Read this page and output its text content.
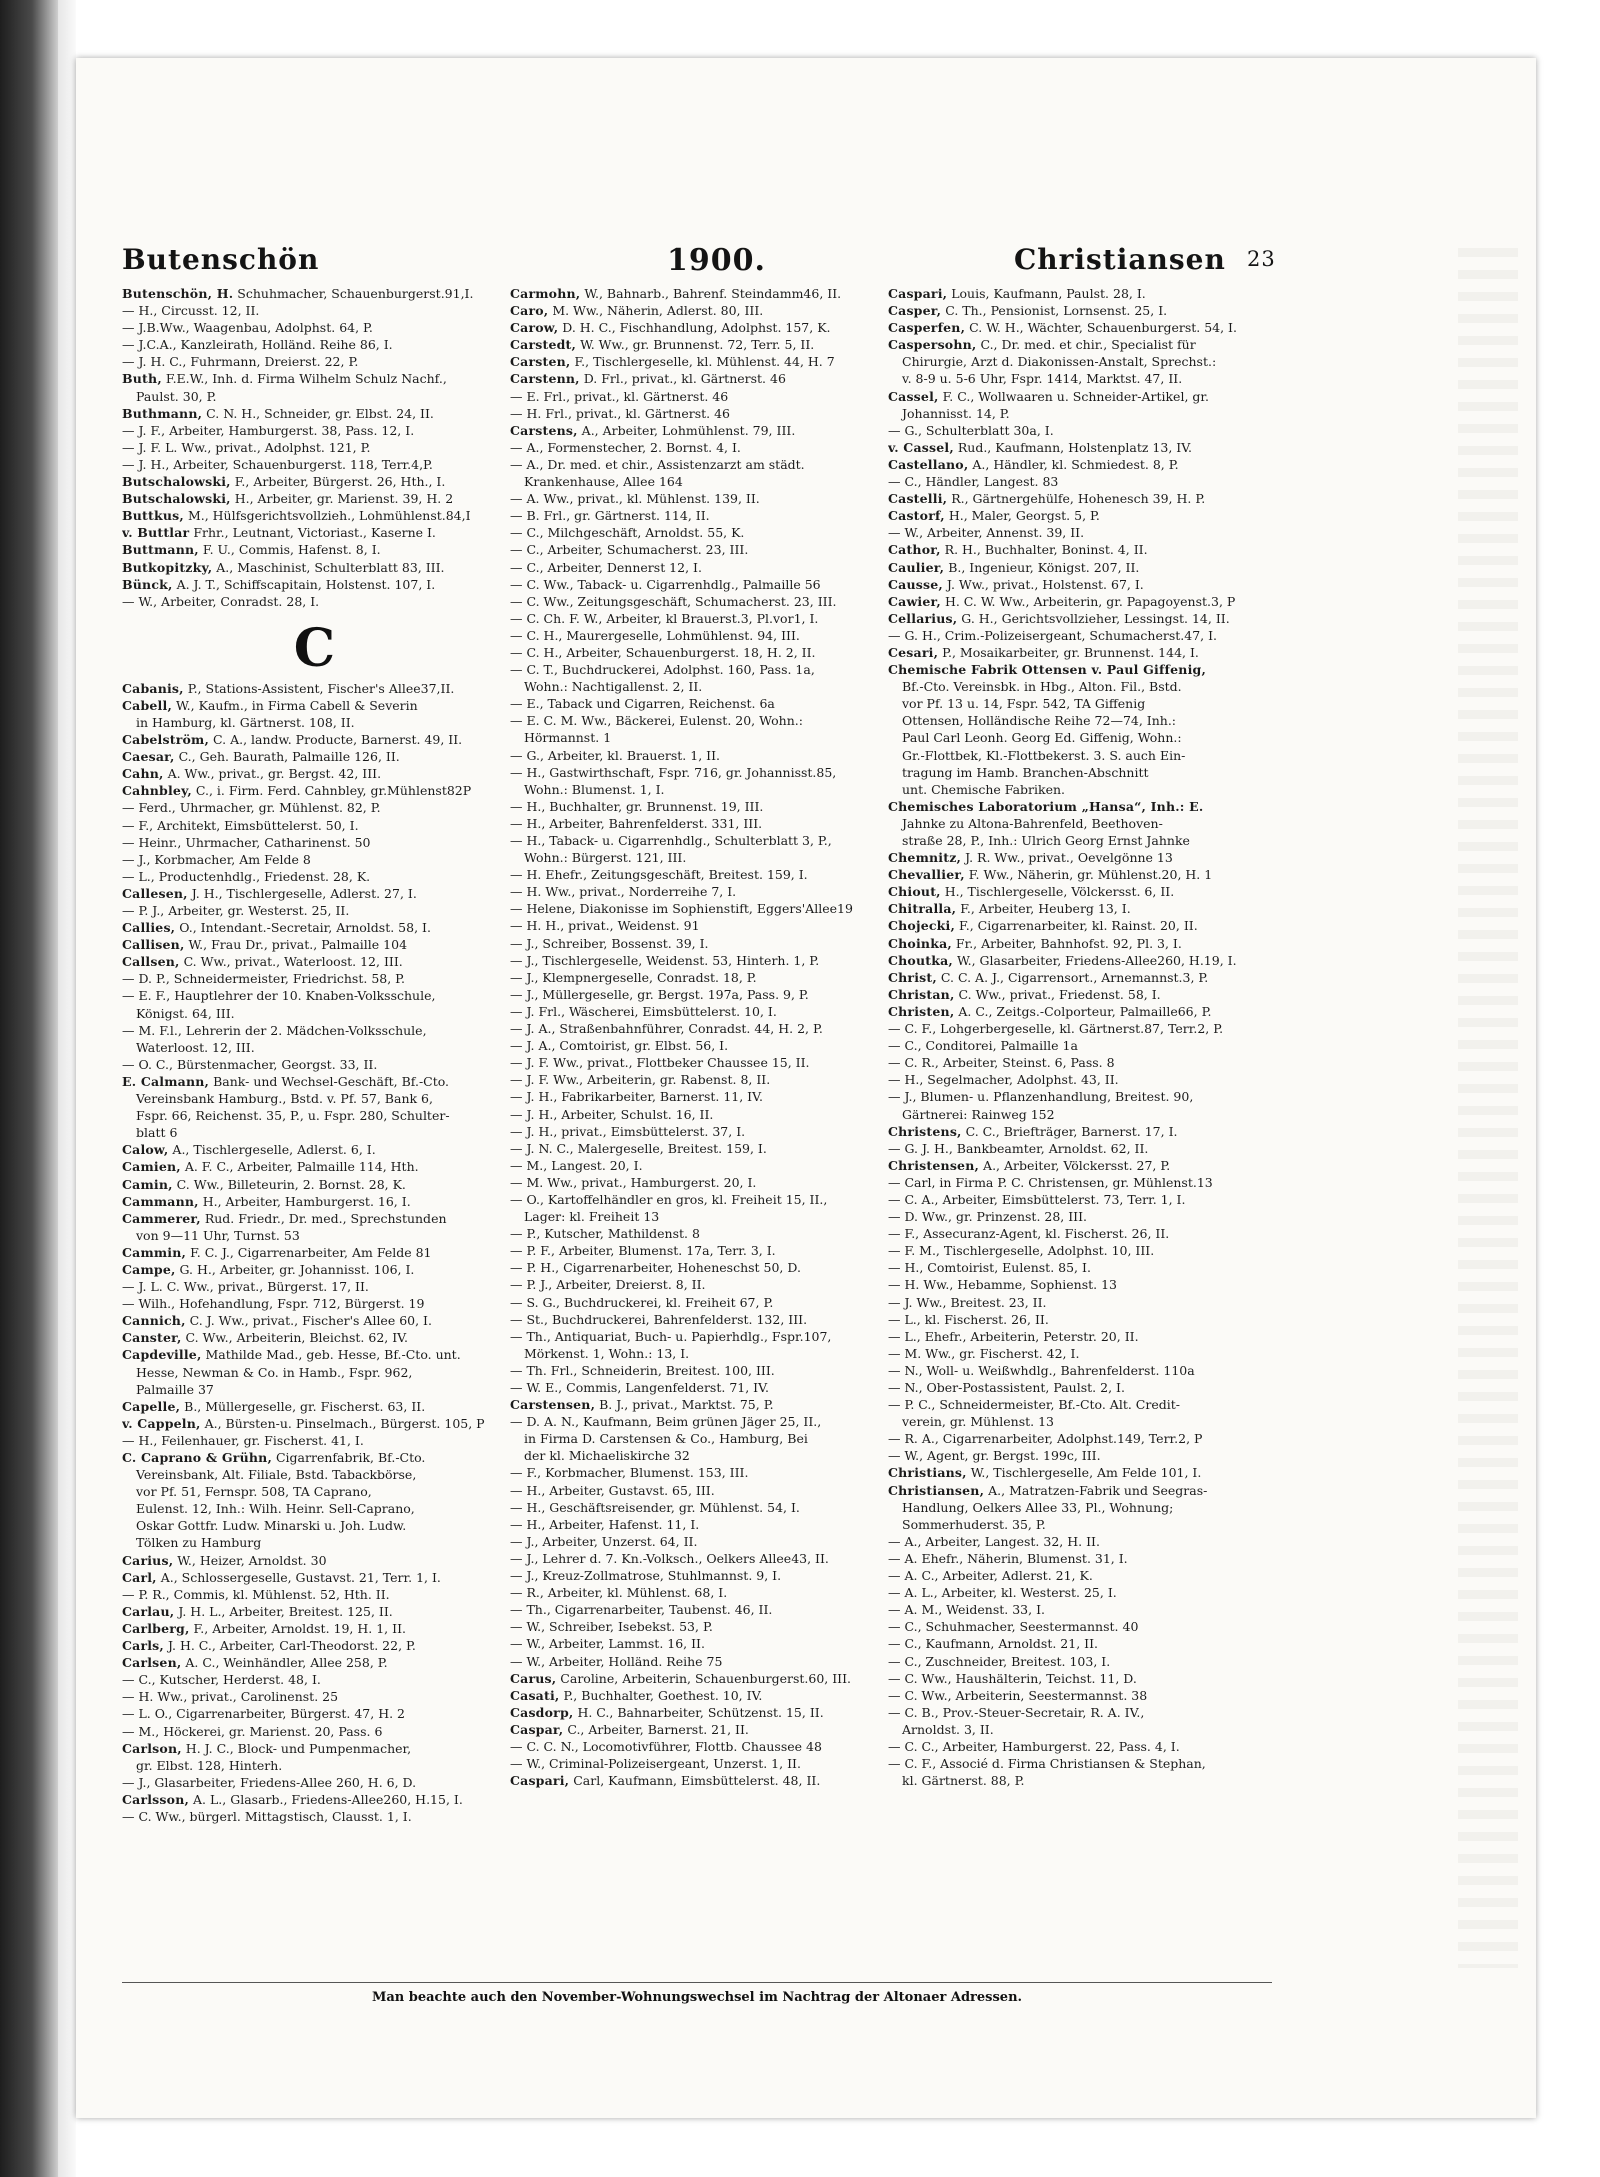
Butenschön	1900.	Christiansen 23
Butenschön, H. Schuhmacher, Schauenburgerst.91,I.
— H., Circusst. 12, II.
— J.B.Ww., Waagenbau, Adolphst. 64, P.
— J.C.A., Kanzleirath, Holländ. Reihe 86, I.
— J. H. C., Fuhrmann, Dreierst. 22, P.
Buth, F.E.W., Inh. d. Firma Wilhelm Schulz Nachf.,
Paulst. 30, P.
Buthmann, C. N. H., Schneider, gr. Elbst. 24, II.
— J. F., Arbeiter, Hamburgerst. 38, Pass. 12, I.
— J. F. L. Ww., privat., Adolphst. 121, P.
— J. H., Arbeiter, Schauenburgerst. 118, Terr.4,P.
Butschalowski, F., Arbeiter, Bürgerst. 26, Hth., I.
Butschalowski, H., Arbeiter, gr. Marienst. 39, H. 2
Buttkus, M., Hülfsgerichtsvollzieh., Lohmühlenst.84,I
v. Buttlar Frhr., Leutnant, Victoriast., Kaserne I.
Buttmann, F. U., Commis, Hafenst. 8, I.
Butkopitzky, A., Maschinist, Schulterblatt 83, III.
Bünck, A. J. T., Schiffscapitain, Holstenst. 107, I.
— W., Arbeiter, Conradst. 28, I.
C
Cabanis, P., Stations-Assistent, Fischer's Allee37,II.
Cabell, W., Kaufm., in Firma Cabell & Severin
in Hamburg, kl. Gärtnerst. 108, II.
Cabelström, C. A., landw. Producte, Barnerst. 49, II.
Caesar, C., Geh. Baurath, Palmaille 126, II.
Cahn, A. Ww., privat., gr. Bergst. 42, III.
Cahnbley, C., i. Firm. Ferd. Cahnbley, gr.Mühlenst82P
— Ferd., Uhrmacher, gr. Mühlenst. 82, P.
— F., Architekt, Eimsbüttelerst. 50, I.
— Heinr., Uhrmacher, Catharinenst. 50
— J., Korbmacher, Am Felde 8
— L., Productenhdlg., Friedenst. 28, K.
Callesen, J. H., Tischlergeselle, Adlerst. 27, I.
— P. J., Arbeiter, gr. Westerst. 25, II.
Callies, O., Intendant.-Secretair, Arnoldst. 58, I.
Callisen, W., Frau Dr., privat., Palmaille 104
Callsen, C. Ww., privat., Waterloost. 12, III.
— D. P., Schneidermeister, Friedrichst. 58, P.
— E. F., Hauptlehrer der 10. Knaben-Volksschule,
Königst. 64, III.
— M. F.l., Lehrerin der 2. Mädchen-Volksschule,
Waterloost. 12, III.
— O. C., Bürstenmacher, Georgst. 33, II.
E. Calmann, Bank- und Wechsel-Geschäft, Bf.-Cto.
Vereinsbank Hamburg., Bstd. v. Pf. 57, Bank 6,
Fspr. 66, Reichenst. 35, P., u. Fspr. 280, Schulter-
blatt 6
Calow, A., Tischlergeselle, Adlerst. 6, I.
Camien, A. F. C., Arbeiter, Palmaille 114, Hth.
Camin, C. Ww., Billeteurin, 2. Bornst. 28, K.
Cammann, H., Arbeiter, Hamburgerst. 16, I.
Cammerer, Rud. Friedr., Dr. med., Sprechstunden
von 9—11 Uhr, Turnst. 53
Cammin, F. C. J., Cigarrenarbeiter, Am Felde 81
Campe, G. H., Arbeiter, gr. Johannisst. 106, I.
— J. L. C. Ww., privat., Bürgerst. 17, II.
— Wilh., Hofehandlung, Fspr. 712, Bürgerst. 19
Cannich, C. J. Ww., privat., Fischer's Allee 60, I.
Canster, C. Ww., Arbeiterin, Bleichst. 62, IV.
Capdeville, Mathilde Mad., geb. Hesse, Bf.-Cto. unt.
Hesse, Newman & Co. in Hamb., Fspr. 962,
Palmaille 37
Capelle, B., Müllergeselle, gr. Fischerst. 63, II.
v. Cappeln, A., Bürsten-u. Pinselmach., Bürgerst. 105, P
— H., Feilenhauer, gr. Fischerst. 41, I.
C. Caprano & Grühn, Cigarrenfabrik, Bf.-Cto.
Vereinsbank, Alt. Filiale, Bstd. Tabackbörse,
vor Pf. 51, Fernspr. 508, TA Caprano,
Eulenst. 12, Inh.: Wilh. Heinr. Sell-Caprano,
Oskar Gottfr. Ludw. Minarski u. Joh. Ludw.
Tölken zu Hamburg
Carius, W., Heizer, Arnoldst. 30
Carl, A., Schlossergeselle, Gustavst. 21, Terr. 1, I.
— P. R., Commis, kl. Mühlenst. 52, Hth. II.
Carlau, J. H. L., Arbeiter, Breitest. 125, II.
Carlberg, F., Arbeiter, Arnoldst. 19, H. 1, II.
Carls, J. H. C., Arbeiter, Carl-Theodorst. 22, P.
Carlsen, A. C., Weinhändler, Allee 258, P.
— C., Kutscher, Herderst. 48, I.
— H. Ww., privat., Carolinenst. 25
— L. O., Cigarrenarbeiter, Bürgerst. 47, H. 2
— M., Höckerei, gr. Marienst. 20, Pass. 6
Carlson, H. J. C., Block- und Pumpenmacher,
gr. Elbst. 128, Hinterh.
— J., Glasarbeiter, Friedens-Allee 260, H. 6, D.
Carlsson, A. L., Glasarb., Friedens-Allee260, H.15, I.
— C. Ww., bürgerl. Mittagstisch, Clausst. 1, I.
Carmohn, W., Bahnarb., Bahrenf. Steindamm46, II.
Caro, M. Ww., Näherin, Adlerst. 80, III.
Carow, D. H. C., Fischhandlung, Adolphst. 157, K.
Carstedt, W. Ww., gr. Brunnenst. 72, Terr. 5, II.
Carsten, F., Tischlergeselle, kl. Mühlenst. 44, H. 7
Carstenn, D. Frl., privat., kl. Gärtnerst. 46
— E. Frl., privat., kl. Gärtnerst. 46
— H. Frl., privat., kl. Gärtnerst. 46
Carstens, A., Arbeiter, Lohmühlenst. 79, III.
— A., Formenstecher, 2. Bornst. 4, I.
— A., Dr. med. et chir., Assistenzarzt am städt.
Krankenhause, Allee 164
— A. Ww., privat., kl. Mühlenst. 139, II.
— B. Frl., gr. Gärtnerst. 114, II.
— C., Milchgeschäft, Arnoldst. 55, K.
— C., Arbeiter, Schumacherst. 23, III.
— C., Arbeiter, Dennerst 12, I.
— C. Ww., Taback- u. Cigarrenhdlg., Palmaille 56
— C. Ww., Zeitungsgeschäft, Schumacherst. 23, III.
— C. Ch. F. W., Arbeiter, kl Brauerst.3, Pl.vor1, I.
— C. H., Maurergeselle, Lohmühlenst. 94, III.
— C. H., Arbeiter, Schauenburgerst. 18, H. 2, II.
— C. T., Buchdruckerei, Adolphst. 160, Pass. 1a,
Wohn.: Nachtigallenst. 2, II.
— E., Taback und Cigarren, Reichenst. 6a
— E. C. M. Ww., Bäckerei, Eulenst. 20, Wohn.:
Hörmannst. 1
— G., Arbeiter, kl. Brauerst. 1, II.
— H., Gastwirthschaft, Fspr. 716, gr. Johannisst.85,
Wohn.: Blumenst. 1, I.
— H., Buchhalter, gr. Brunnenst. 19, III.
— H., Arbeiter, Bahrenfelderst. 331, III.
— H., Taback- u. Cigarrenhdlg., Schulterblatt 3, P.,
Wohn.: Bürgerst. 121, III.
— H. Ehefr., Zeitungsgeschäft, Breitest. 159, I.
— H. Ww., privat., Norderreihe 7, I.
— Helene, Diakonisse im Sophienstift, Eggers'Allee19
— H. H., privat., Weidenst. 91
— J., Schreiber, Bossenst. 39, I.
— J., Tischlergeselle, Weidenst. 53, Hinterh. 1, P.
— J., Klempnergeselle, Conradst. 18, P.
— J., Müllergeselle, gr. Bergst. 197a, Pass. 9, P.
— J. Frl., Wäscherei, Eimsbüttelerst. 10, I.
— J. A., Straßenbahnführer, Conradst. 44, H. 2, P.
— J. A., Comtoirist, gr. Elbst. 56, I.
— J. F. Ww., privat., Flottbeker Chaussee 15, II.
— J. F. Ww., Arbeiterin, gr. Rabenst. 8, II.
— J. H., Fabrikarbeiter, Barnerst. 11, IV.
— J. H., Arbeiter, Schulst. 16, II.
— J. H., privat., Eimsbüttelerst. 37, I.
— J. N. C., Malergeselle, Breitest. 159, I.
— M., Langest. 20, I.
— M. Ww., privat., Hamburgerst. 20, I.
— O., Kartoffelhändler en gros, kl. Freiheit 15, II.,
Lager: kl. Freiheit 13
— P., Kutscher, Mathildenst. 8
— P. F., Arbeiter, Blumenst. 17a, Terr. 3, I.
— P. H., Cigarrenarbeiter, Hoheneschst 50, D.
— P. J., Arbeiter, Dreierst. 8, II.
— S. G., Buchdruckerei, kl. Freiheit 67, P.
— St., Buchdruckerei, Bahrenfelderst. 132, III.
— Th., Antiquariat, Buch- u. Papierhdlg., Fspr.107,
Mörkenst. 1, Wohn.: 13, I.
— Th. Frl., Schneiderin, Breitest. 100, III.
— W. E., Commis, Langenfelderst. 71, IV.
Carstensen, B. J., privat., Marktst. 75, P.
— D. A. N., Kaufmann, Beim grünen Jäger 25, II.,
in Firma D. Carstensen & Co., Hamburg, Bei
der kl. Michaeliskirche 32
— F., Korbmacher, Blumenst. 153, III.
— H., Arbeiter, Gustavst. 65, III.
— H., Geschäftsreisender, gr. Mühlenst. 54, I.
— H., Arbeiter, Hafenst. 11, I.
— J., Arbeiter, Unzerst. 64, II.
— J., Lehrer d. 7. Kn.-Volksch., Oelkers Allee43, II.
— J., Kreuz-Zollmatrose, Stuhlmannst. 9, I.
— R., Arbeiter, kl. Mühlenst. 68, I.
— Th., Cigarrenarbeiter, Taubenst. 46, II.
— W., Schreiber, Isebekst. 53, P.
— W., Arbeiter, Lammst. 16, II.
— W., Arbeiter, Holländ. Reihe 75
Carus, Caroline, Arbeiterin, Schauenburgerst.60, III.
Casati, P., Buchhalter, Goethest. 10, IV.
Casdorp, H. C., Bahnarbeiter, Schützenst. 15, II.
Caspar, C., Arbeiter, Barnerst. 21, II.
— C. C. N., Locomotivführer, Flottb. Chaussee 48
— W., Criminal-Polizeisergeant, Unzerst. 1, II.
Caspari, Carl, Kaufmann, Eimsbüttelerst. 48, II.
Caspari, Louis, Kaufmann, Paulst. 28, I.
Casper, C. Th., Pensionist, Lornsenst. 25, I.
Casperfen, C. W. H., Wächter, Schauenburgerst. 54, I.
Caspersohn, C., Dr. med. et chir., Specialist für
Chirurgie, Arzt d. Diakonissen-Anstalt, Sprechst.:
v. 8-9 u. 5-6 Uhr, Fspr. 1414, Marktst. 47, II.
Cassel, F. C., Wollwaaren u. Schneider-Artikel, gr.
Johannisst. 14, P.
— G., Schulterblatt 30a, I.
v. Cassel, Rud., Kaufmann, Holstenplatz 13, IV.
Castellano, A., Händler, kl. Schmiedest. 8, P.
— C., Händler, Langest. 83
Castelli, R., Gärtnergehülfe, Hohenesch 39, H. P.
Castorf, H., Maler, Georgst. 5, P.
— W., Arbeiter, Annenst. 39, II.
Cathor, R. H., Buchhalter, Boninst. 4, II.
Caulier, B., Ingenieur, Königst. 207, II.
Causse, J. Ww., privat., Holstenst. 67, I.
Cawier, H. C. W. Ww., Arbeiterin, gr. Papagoyenst.3, P
Cellarius, G. H., Gerichtsvollzieher, Lessingst. 14, II.
— G. H., Crim.-Polizeisergeant, Schumacherst.47, I.
Cesari, P., Mosaikarbeiter, gr. Brunnenst. 144, I.
Chemische Fabrik Ottensen v. Paul Giffenig,
Bf.-Cto. Vereinsbk. in Hbg., Alton. Fil., Bstd.
vor Pf. 13 u. 14, Fspr. 542, TA Giffenig
Ottensen, Holländische Reihe 72—74, Inh.:
Paul Carl Leonh. Georg Ed. Giffenig, Wohn.:
Gr.-Flottbek, Kl.-Flottbekerst. 3. S. auch Ein-
tragung im Hamb. Branchen-Abschnitt
unt. Chemische Fabriken.
Chemisches Laboratorium „Hansa“, Inh.: E.
Jahnke zu Altona-Bahrenfeld, Beethoven-
straße 28, P., Inh.: Ulrich Georg Ernst Jahnke
Chemnitz, J. R. Ww., privat., Oevelgönne 13
Chevallier, F. Ww., Näherin, gr. Mühlenst.20, H. 1
Chiout, H., Tischlergeselle, Völckersst. 6, II.
Chitralla, F., Arbeiter, Heuberg 13, I.
Chojecki, F., Cigarrenarbeiter, kl. Rainst. 20, II.
Choinka, Fr., Arbeiter, Bahnhofst. 92, Pl. 3, I.
Choutka, W., Glasarbeiter, Friedens-Allee260, H.19, I.
Christ, C. C. A. J., Cigarrensort., Arnemannst.3, P.
Christan, C. Ww., privat., Friedenst. 58, I.
Christen, A. C., Zeitgs.-Colporteur, Palmaille66, P.
— C. F., Lohgerbergeselle, kl. Gärtnerst.87, Terr.2, P.
— C., Conditorei, Palmaille 1a
— C. R., Arbeiter, Steinst. 6, Pass. 8
— H., Segelmacher, Adolphst. 43, II.
— J., Blumen- u. Pflanzenhandlung, Breitest. 90,
Gärtnerei: Rainweg 152
Christens, C. C., Briefträger, Barnerst. 17, I.
— G. J. H., Bankbeamter, Arnoldst. 62, II.
Christensen, A., Arbeiter, Völckersst. 27, P.
— Carl, in Firma P. C. Christensen, gr. Mühlenst.13
— C. A., Arbeiter, Eimsbüttelerst. 73, Terr. 1, I.
— D. Ww., gr. Prinzenst. 28, III.
— F., Assecuranz-Agent, kl. Fischerst. 26, II.
— F. M., Tischlergeselle, Adolphst. 10, III.
— H., Comtoirist, Eulenst. 85, I.
— H. Ww., Hebamme, Sophienst. 13
— J. Ww., Breitest. 23, II.
— L., kl. Fischerst. 26, II.
— L., Ehefr., Arbeiterin, Peterstr. 20, II.
— M. Ww., gr. Fischerst. 42, I.
— N., Woll- u. Weißwhdlg., Bahrenfelderst. 110a
— N., Ober-Postassistent, Paulst. 2, I.
— P. C., Schneidermeister, Bf.-Cto. Alt. Credit-
verein, gr. Mühlenst. 13
— R. A., Cigarrenarbeiter, Adolphst.149, Terr.2, P
— W., Agent, gr. Bergst. 199c, III.
Christians, W., Tischlergeselle, Am Felde 101, I.
Christiansen, A., Matratzen-Fabrik und Seegras-
Handlung, Oelkers Allee 33, Pl., Wohnung;
Sommerhuderst. 35, P.
— A., Arbeiter, Langest. 32, H. II.
— A. Ehefr., Näherin, Blumenst. 31, I.
— A. C., Arbeiter, Adlerst. 21, K.
— A. L., Arbeiter, kl. Westerst. 25, I.
— A. M., Weidenst. 33, I.
— C., Schuhmacher, Seestermannst. 40
— C., Kaufmann, Arnoldst. 21, II.
— C., Zuschneider, Breitest. 103, I.
— C. Ww., Haushälterin, Teichst. 11, D.
— C. Ww., Arbeiterin, Seestermannst. 38
— C. B., Prov.-Steuer-Secretair, R. A. IV.,
Arnoldst. 3, II.
— C. C., Arbeiter, Hamburgerst. 22, Pass. 4, I.
— C. F., Associé d. Firma Christiansen & Stephan,
kl. Gärtnerst. 88, P.
Man beachte auch den November-Wohnungswechsel im Nachtrag der Altonaer Adressen.
